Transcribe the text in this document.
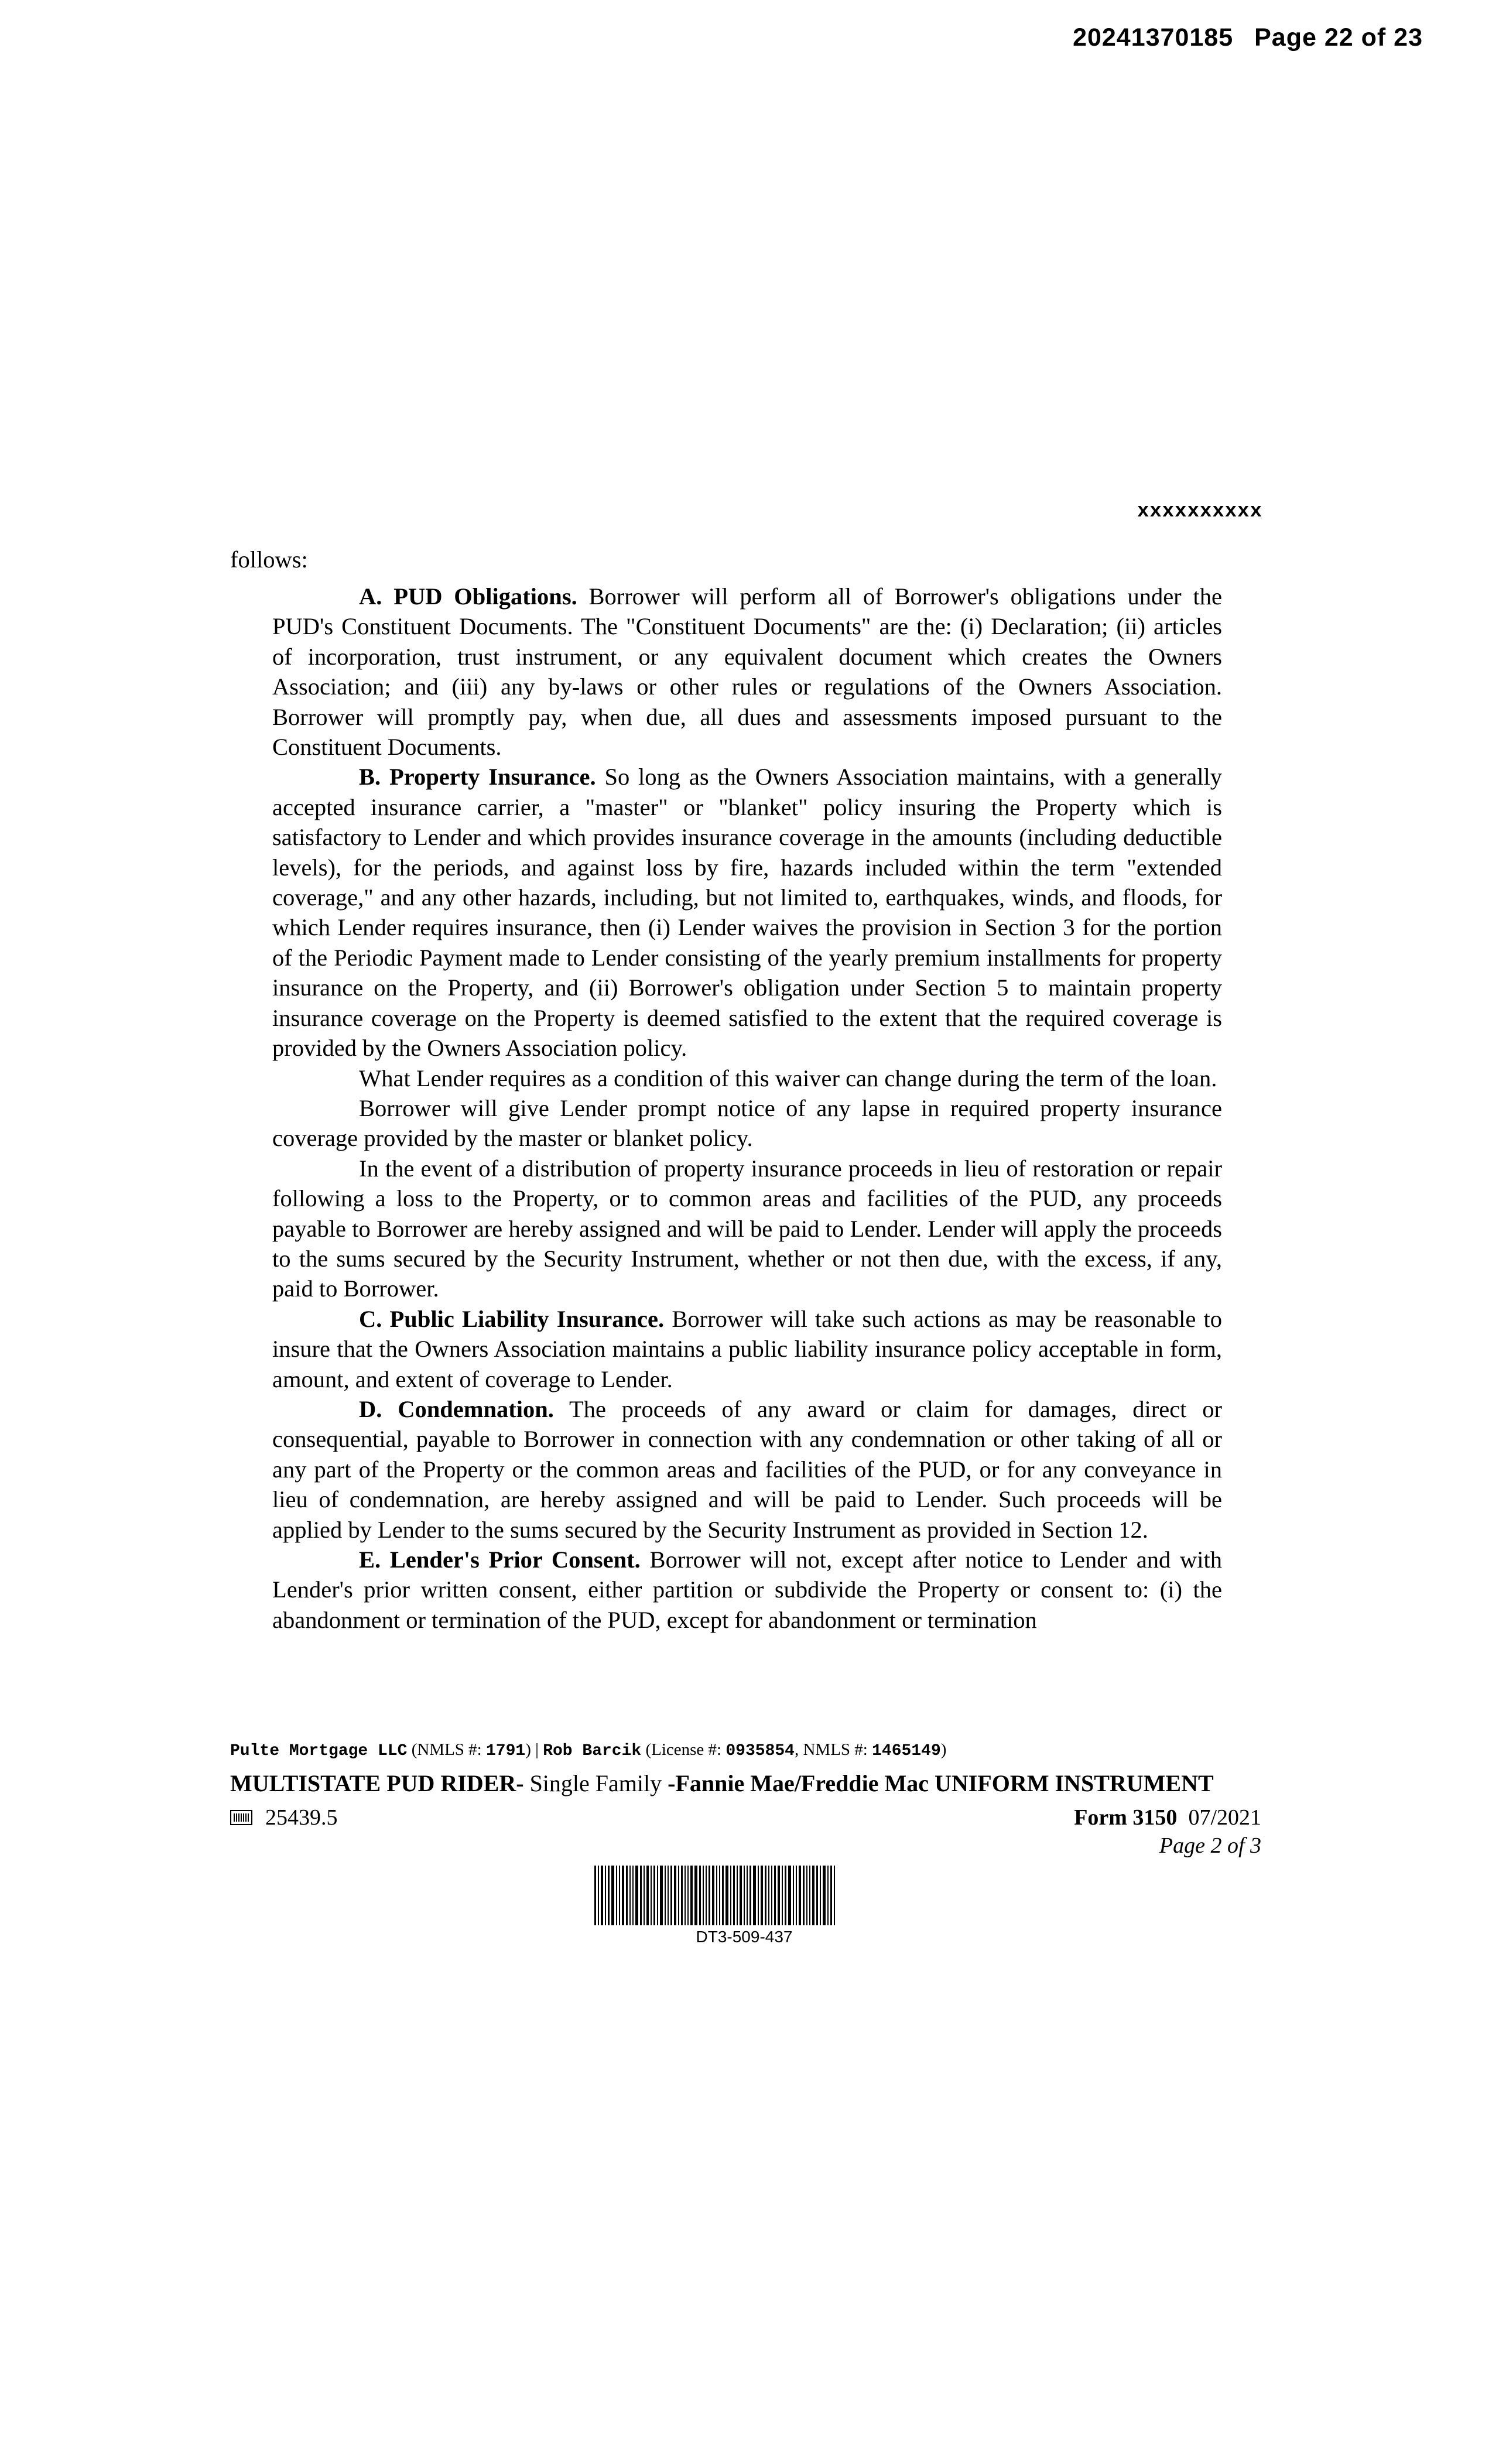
20241370185 Page 22 of 23
xxxxxxxxxx
follows:

A. PUD Obligations. Borrower will perform all of Borrower's obligations under the PUD's Constituent Documents. The "Constituent Documents" are the: (i) Declaration; (ii) articles of incorporation, trust instrument, or any equivalent document which creates the Owners Association; and (iii) any by-laws or other rules or regulations of the Owners Association. Borrower will promptly pay, when due, all dues and assessments imposed pursuant to the Constituent Documents.

B. Property Insurance. So long as the Owners Association maintains, with a generally accepted insurance carrier, a "master" or "blanket" policy insuring the Property which is satisfactory to Lender and which provides insurance coverage in the amounts (including deductible levels), for the periods, and against loss by fire, hazards included within the term "extended coverage," and any other hazards, including, but not limited to, earthquakes, winds, and floods, for which Lender requires insurance, then (i) Lender waives the provision in Section 3 for the portion of the Periodic Payment made to Lender consisting of the yearly premium installments for property insurance on the Property, and (ii) Borrower's obligation under Section 5 to maintain property insurance coverage on the Property is deemed satisfied to the extent that the required coverage is provided by the Owners Association policy.

What Lender requires as a condition of this waiver can change during the term of the loan.

Borrower will give Lender prompt notice of any lapse in required property insurance coverage provided by the master or blanket policy.

In the event of a distribution of property insurance proceeds in lieu of restoration or repair following a loss to the Property, or to common areas and facilities of the PUD, any proceeds payable to Borrower are hereby assigned and will be paid to Lender. Lender will apply the proceeds to the sums secured by the Security Instrument, whether or not then due, with the excess, if any, paid to Borrower.

C. Public Liability Insurance. Borrower will take such actions as may be reasonable to insure that the Owners Association maintains a public liability insurance policy acceptable in form, amount, and extent of coverage to Lender.

D. Condemnation. The proceeds of any award or claim for damages, direct or consequential, payable to Borrower in connection with any condemnation or other taking of all or any part of the Property or the common areas and facilities of the PUD, or for any conveyance in lieu of condemnation, are hereby assigned and will be paid to Lender. Such proceeds will be applied by Lender to the sums secured by the Security Instrument as provided in Section 12.

E. Lender's Prior Consent. Borrower will not, except after notice to Lender and with Lender's prior written consent, either partition or subdivide the Property or consent to: (i) the abandonment or termination of the PUD, except for abandonment or termination

Pulte Mortgage LLC (NMLS #: 1791) | Rob Barcik (License #: 0935854, NMLS #: 1465149)
MULTISTATE PUD RIDER- Single Family -Fannie Mae/Freddie Mac UNIFORM INSTRUMENT
25439.5	Form 3150 07/2021
Page 2 of 3
DT3-509-437
